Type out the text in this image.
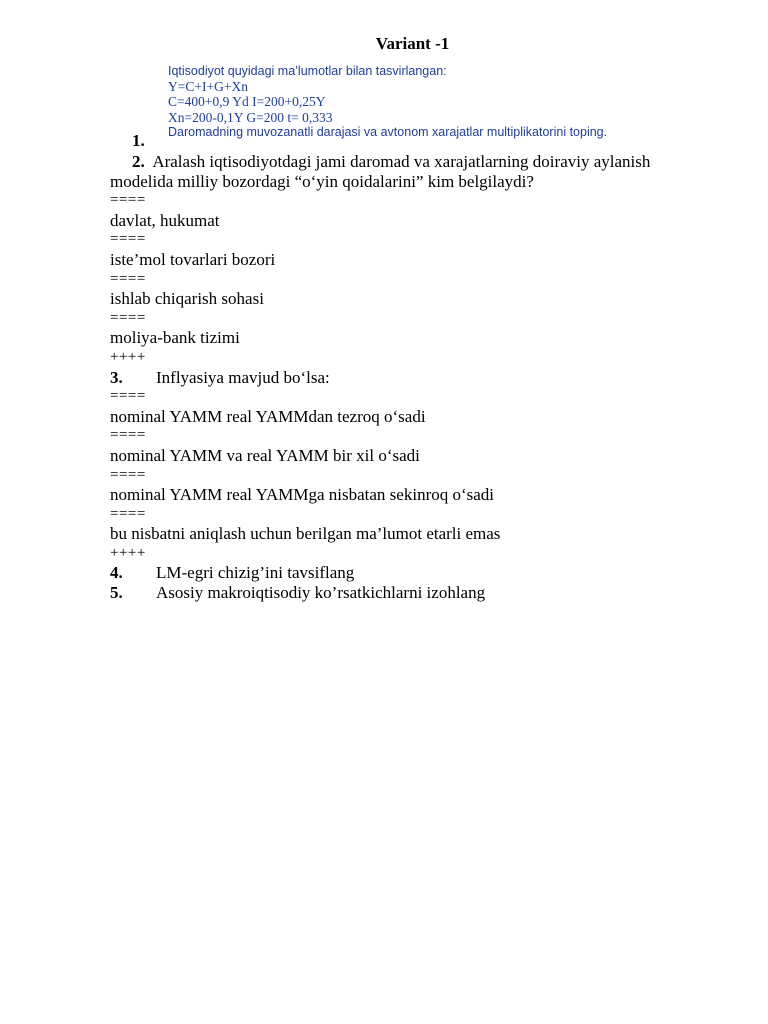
Variant -1
Iqtisodiyot quyidagi ma’lumotlar bilan tasvirlangan:
Y=C+I+G+Xn
C=400+0,9 Yd I=200+0,25Y
Xn=200-0,1Y G=200 t= 0,333
Daromadning muvozanatli darajasi va avtonom xarajatlar multiplikatorini toping.
1.
2. Aralash iqtisodiyotdagi jami daromad va xarajatlarning doiraviy aylanish
modelida milliy bozordagi “o‘yin qoidalarini” kim belgilaydi?
====
davlat, hukumat
====
iste’mol tovarlari bozori
====
ishlab chiqarish sohasi
====
moliya-bank tizimi
++++
3. Inflyasiya mavjud bo‘lsa:
====
nominal YAMM real YAMMdan tezroq o‘sadi
====
nominal YAMM va real YAMM bir xil o‘sadi
====
nominal YAMM real YAMMga nisbatan sekinroq o‘sadi
====
bu nisbatni aniqlash uchun berilgan ma’lumot etarli emas
++++
4. LM-egri chizig’ini tavsiflang
5. Asosiy makroiqtisodiy ko’rsatkichlarni izohlang
